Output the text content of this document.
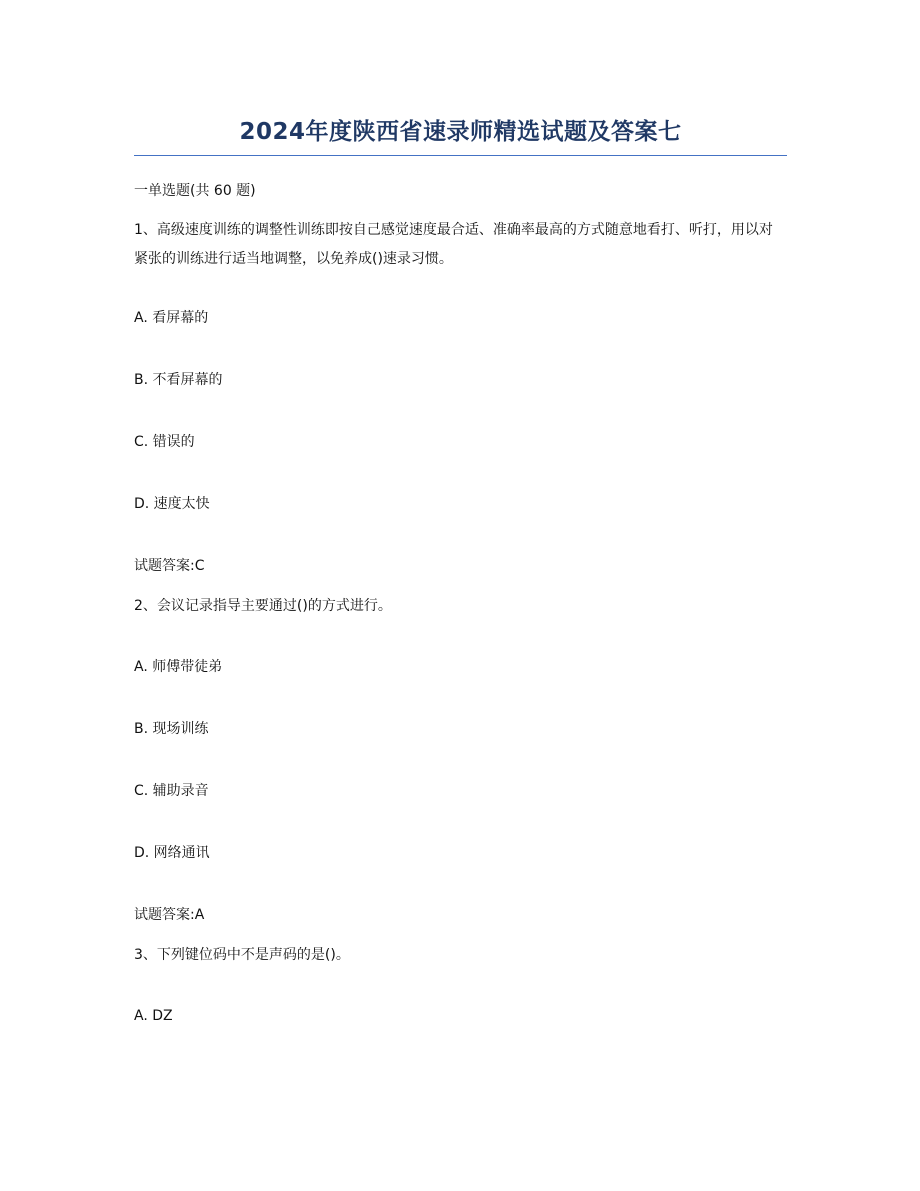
2024年度陕西省速录师精选试题及答案七
一单选题(共 60 题)
1、高级速度训练的调整性训练即按自己感觉速度最合适、准确率最高的方式随意地看打、听打，用以对紧张的训练进行适当地调整，以免养成()速录习惯。
A. 看屏幕的
B. 不看屏幕的
C. 错误的
D. 速度太快
试题答案:C
2、会议记录指导主要通过()的方式进行。
A. 师傅带徒弟
B. 现场训练
C. 辅助录音
D. 网络通讯
试题答案:A
3、下列键位码中不是声码的是()。
A. DZ
